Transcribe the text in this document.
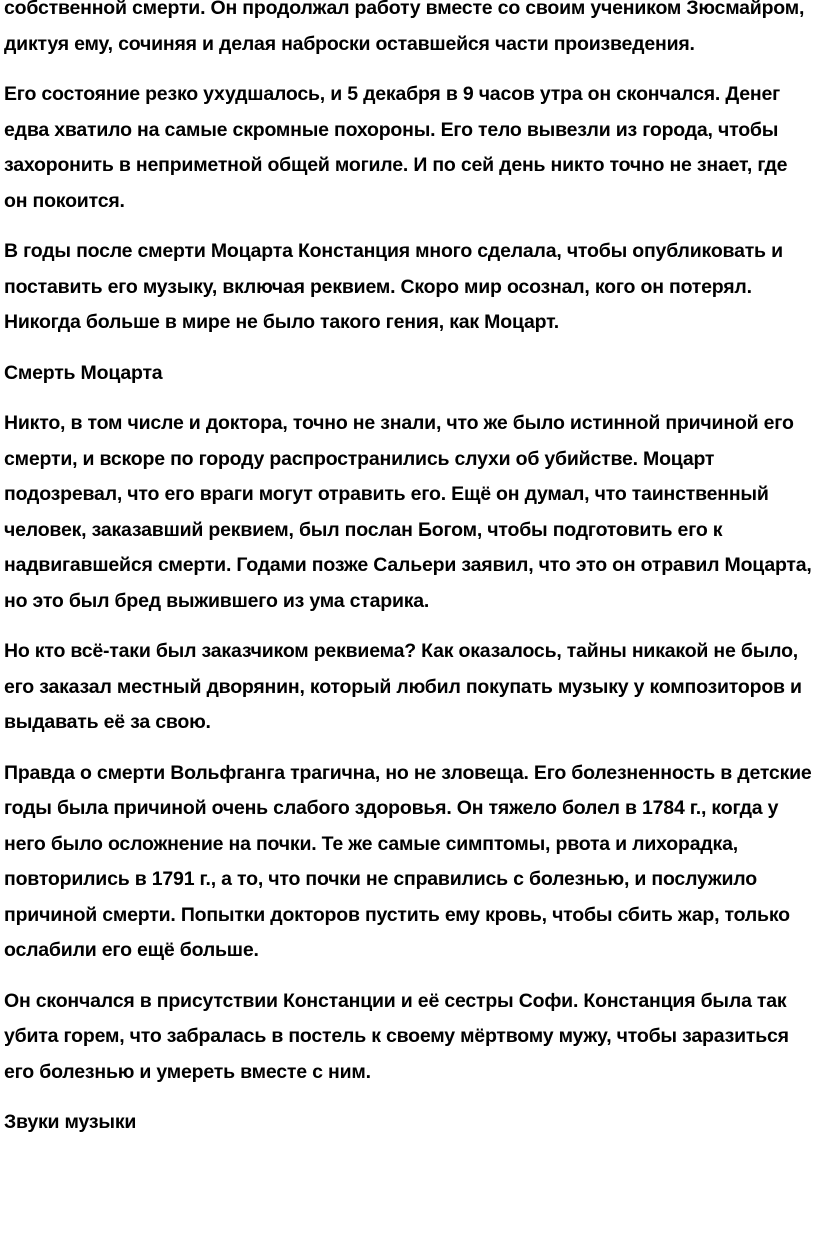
собственной смерти. Он продолжал работу вместе со своим учеником Зюсмайром, диктуя ему, сочиняя и делая наброски оставшейся части произведения.

Его состояние резко ухудшалось, и 5 декабря в 9 часов утра он скончался. Денег едва хватило на самые скромные похороны. Его тело вывезли из города, чтобы захоронить в неприметной общей могиле. И по сей день никто точно не знает, где он покоится.

В годы после смерти Моцарта Констанция много сделала, чтобы опубликовать и поставить его музыку, включая реквием. Скоро мир осознал, кого он потерял. Никогда больше в мире не было такого гения, как Моцарт.

Смерть Моцарта

Никто, в том числе и доктора, точно не знали, что же было истинной причиной его смерти, и вскоре по городу распространились слухи об убийстве. Моцарт подозревал, что его враги могут отравить его. Ещё он думал, что таинственный человек, заказавший реквием, был послан Богом, чтобы подготовить его к надвигавшейся смерти. Годами позже Сальери заявил, что это он отравил Моцарта, но это был бред выжившего из ума старика.

Но кто всё-таки был заказчиком реквиема? Как оказалось, тайны никакой не было, его заказал местный дворянин, который любил покупать музыку у композиторов и выдавать её за свою.

Правда о смерти Вольфганга трагична, но не зловеща. Его болезненность в детские годы была причиной очень слабого здоровья. Он тяжело болел в 1784 г., когда у него было осложнение на почки. Те же самые симптомы, рвота и лихорадка, повторились в 1791 г., а то, что почки не справились с болезнью, и послужило причиной смерти. Попытки докторов пустить ему кровь, чтобы сбить жар, только ослабили его ещё больше.

Он скончался в присутствии Констанции и её сестры Софи. Констанция была так убита горем, что забралась в постель к своему мёртвому мужу, чтобы заразиться его болезнью и умереть вместе с ним.

Звуки музыки
